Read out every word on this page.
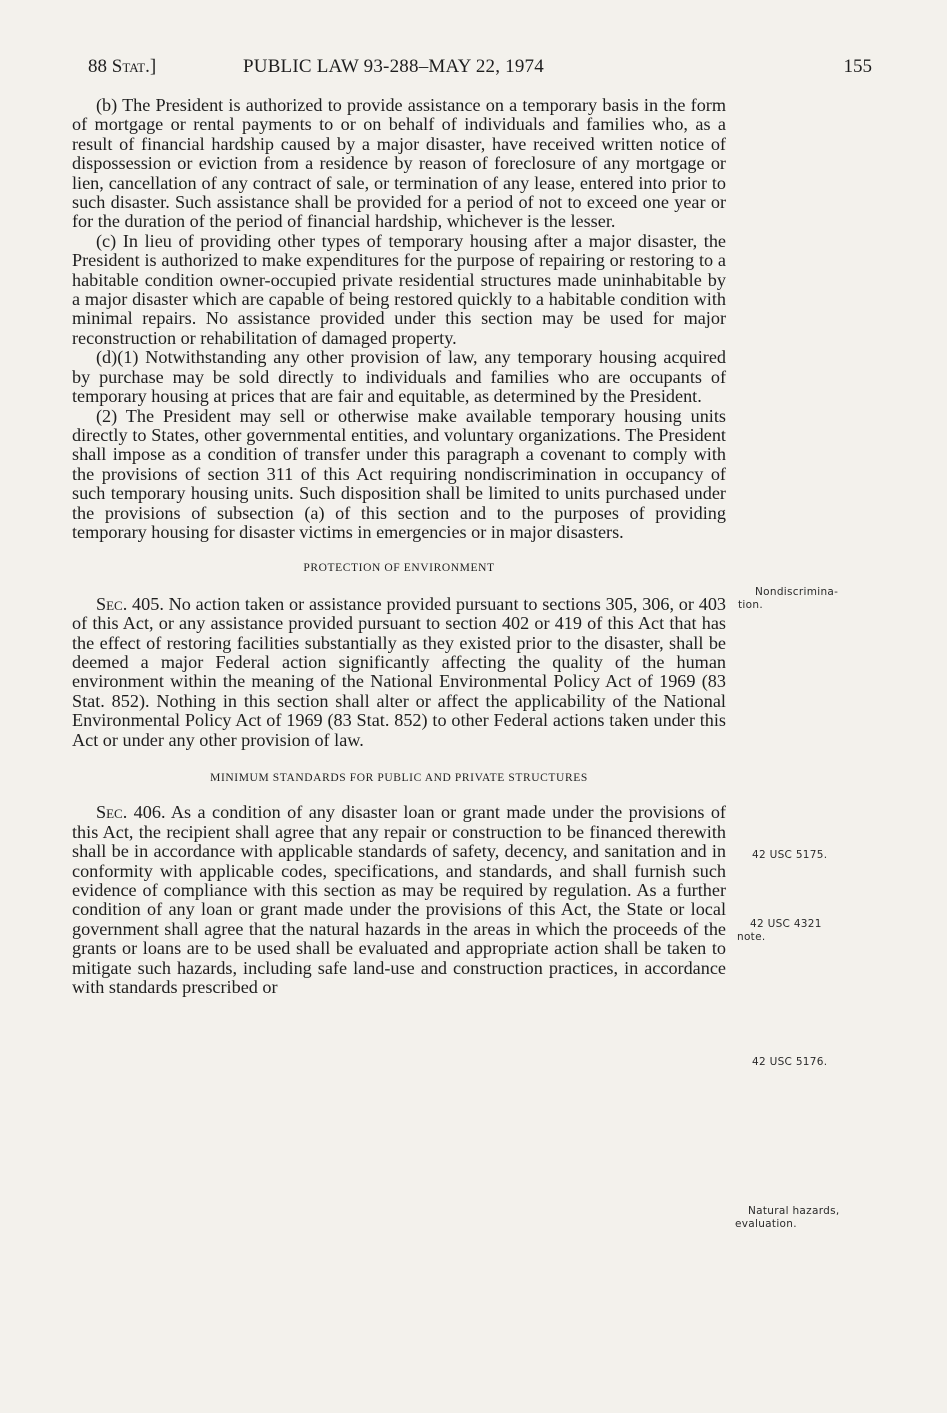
88 Stat.]	PUBLIC LAW 93-288–MAY 22, 1974	155

(b) The President is authorized to provide assistance on a temporary basis in the form of mortgage or rental payments to or on behalf of individuals and families who, as a result of financial hardship caused by a major disaster, have received written notice of dispossession or eviction from a residence by reason of foreclosure of any mortgage or lien, cancellation of any contract of sale, or termination of any lease, entered into prior to such disaster. Such assistance shall be provided for a period of not to exceed one year or for the duration of the period of financial hardship, whichever is the lesser.

(c) In lieu of providing other types of temporary housing after a major disaster, the President is authorized to make expenditures for the purpose of repairing or restoring to a habitable condition owner-occupied private residential structures made uninhabitable by a major disaster which are capable of being restored quickly to a habitable condition with minimal repairs. No assistance provided under this section may be used for major reconstruction or rehabilitation of damaged property.

(d)(1) Notwithstanding any other provision of law, any temporary housing acquired by purchase may be sold directly to individuals and families who are occupants of temporary housing at prices that are fair and equitable, as determined by the President.

(2) The President may sell or otherwise make available temporary housing units directly to States, other governmental entities, and voluntary organizations. The President shall impose as a condition of transfer under this paragraph a covenant to comply with the provisions of section 311 of this Act requiring nondiscrimination in occupancy of such temporary housing units. Such disposition shall be limited to units purchased under the provisions of subsection (a) of this section and to the purposes of providing temporary housing for disaster victims in emergencies or in major disasters.

PROTECTION OF ENVIRONMENT

Sec. 405. No action taken or assistance provided pursuant to sections 305, 306, or 403 of this Act, or any assistance provided pursuant to section 402 or 419 of this Act that has the effect of restoring facilities substantially as they existed prior to the disaster, shall be deemed a major Federal action significantly affecting the quality of the human environment within the meaning of the National Environmental Policy Act of 1969 (83 Stat. 852). Nothing in this section shall alter or affect the applicability of the National Environmental Policy Act of 1969 (83 Stat. 852) to other Federal actions taken under this Act or under any other provision of law.

MINIMUM STANDARDS FOR PUBLIC AND PRIVATE STRUCTURES

Sec. 406. As a condition of any disaster loan or grant made under the provisions of this Act, the recipient shall agree that any repair or construction to be financed therewith shall be in accordance with applicable standards of safety, decency, and sanitation and in conformity with applicable codes, specifications, and standards, and shall furnish such evidence of compliance with this section as may be required by regulation. As a further condition of any loan or grant made under the provisions of this Act, the State or local government shall agree that the natural hazards in the areas in which the proceeds of the grants or loans are to be used shall be evaluated and appropriate action shall be taken to mitigate such hazards, including safe land-use and construction practices, in accordance with standards prescribed or

Nondiscrimina-
tion.
42 USC 5175.
42 USC 4321
note.
42 USC 5176.
Natural hazards,
evaluation.
